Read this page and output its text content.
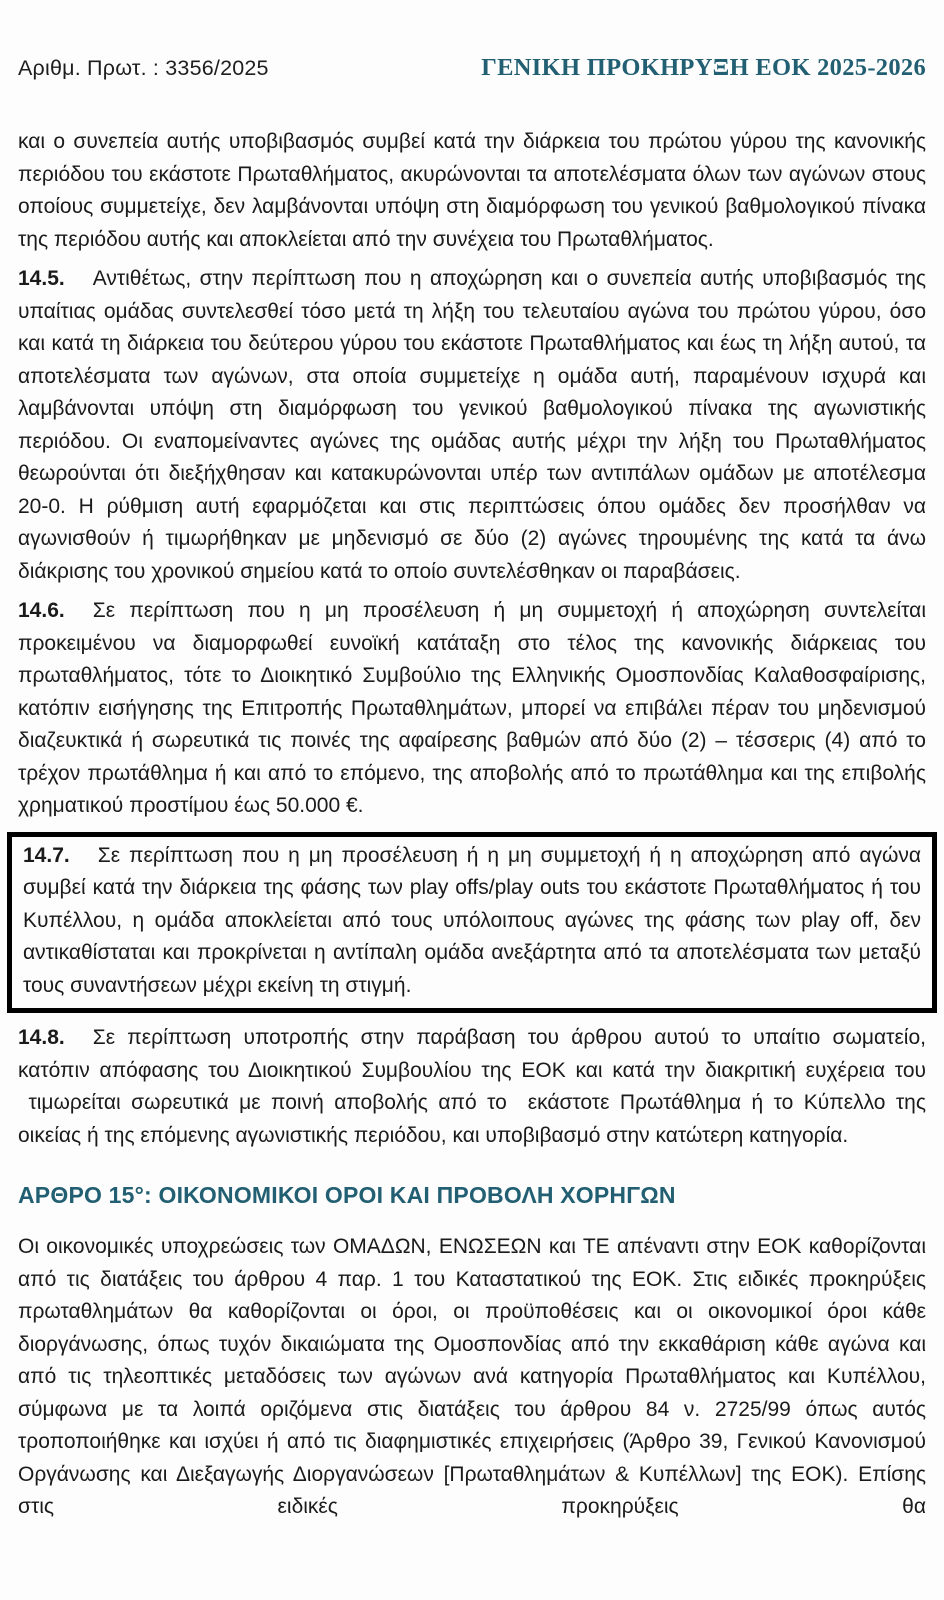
Αριθμ. Πρωτ. : 3356/2025	ΓΕΝΙΚΗ ΠΡΟΚΗΡΥΞΗ ΕΟΚ 2025-2026

και ο συνεπεία αυτής υποβιβασμός συμβεί κατά την διάρκεια του πρώτου γύρου της κανονικής περιόδου του εκάστοτε Πρωταθλήματος, ακυρώνονται τα αποτελέσματα όλων των αγώνων στους οποίους συμμετείχε, δεν λαμβάνονται υπόψη στη διαμόρφωση του γενικού βαθμολογικού πίνακα της περιόδου αυτής και αποκλείεται από την συνέχεια του Πρωταθλήματος.

14.5. Αντιθέτως, στην περίπτωση που η αποχώρηση και ο συνεπεία αυτής υποβιβασμός της υπαίτιας ομάδας συντελεσθεί τόσο μετά τη λήξη του τελευταίου αγώνα του πρώτου γύρου, όσο και κατά τη διάρκεια του δεύτερου γύρου του εκάστοτε Πρωταθλήματος και έως τη λήξη αυτού, τα αποτελέσματα των αγώνων, στα οποία συμμετείχε η ομάδα αυτή, παραμένουν ισχυρά και λαμβάνονται υπόψη στη διαμόρφωση του γενικού βαθμολογικού πίνακα της αγωνιστικής περιόδου. Οι εναπομείναντες αγώνες της ομάδας αυτής μέχρι την λήξη του Πρωταθλήματος θεωρούνται ότι διεξήχθησαν και κατακυρώνονται υπέρ των αντιπάλων ομάδων με αποτέλεσμα 20-0. Η ρύθμιση αυτή εφαρμόζεται και στις περιπτώσεις όπου ομάδες δεν προσήλθαν να αγωνισθούν ή τιμωρήθηκαν με μηδενισμό σε δύο (2) αγώνες τηρουμένης της κατά τα άνω διάκρισης του χρονικού σημείου κατά το οποίο συντελέσθηκαν οι παραβάσεις.

14.6. Σε περίπτωση που η μη προσέλευση ή μη συμμετοχή ή αποχώρηση συντελείται προκειμένου να διαμορφωθεί ευνοϊκή κατάταξη στο τέλος της κανονικής διάρκειας του πρωταθλήματος, τότε το Διοικητικό Συμβούλιο της Ελληνικής Ομοσπονδίας Καλαθοσφαίρισης, κατόπιν εισήγησης της Επιτροπής Πρωταθλημάτων, μπορεί να επιβάλει πέραν του μηδενισμού διαζευκτικά ή σωρευτικά τις ποινές της αφαίρεσης βαθμών από δύο (2) – τέσσερις (4) από το τρέχον πρωτάθλημα ή και από το επόμενο, της αποβολής από το πρωτάθλημα και της επιβολής χρηματικού προστίμου έως 50.000 €.

14.7. Σε περίπτωση που η μη προσέλευση ή η μη συμμετοχή ή η αποχώρηση από αγώνα συμβεί κατά την διάρκεια της φάσης των play offs/play outs του εκάστοτε Πρωταθλήματος ή του Κυπέλλου, η ομάδα αποκλείεται από τους υπόλοιπους αγώνες της φάσης των play off, δεν αντικαθίσταται και προκρίνεται η αντίπαλη ομάδα ανεξάρτητα από τα αποτελέσματα των μεταξύ τους συναντήσεων μέχρι εκείνη τη στιγμή.

14.8. Σε περίπτωση υποτροπής στην παράβαση του άρθρου αυτού το υπαίτιο σωματείο, κατόπιν απόφασης του Διοικητικού Συμβουλίου της ΕΟΚ και κατά την διακριτική ευχέρεια του  τιμωρείται σωρευτικά με ποινή αποβολής από το  εκάστοτε Πρωτάθλημα ή το Κύπελλο της οικείας ή της επόμενης αγωνιστικής περιόδου, και υποβιβασμό στην κατώτερη κατηγορία.

ΑΡΘΡΟ 15°: ΟΙΚΟΝΟΜΙΚΟΙ ΟΡΟΙ ΚΑΙ ΠΡΟΒΟΛΗ ΧΟΡΗΓΩΝ

Οι οικονομικές υποχρεώσεις των ΟΜΑΔΩΝ, ΕΝΩΣΕΩΝ και ΤΕ απέναντι στην ΕΟΚ καθορίζονται από τις διατάξεις του άρθρου 4 παρ. 1 του Καταστατικού της ΕΟΚ. Στις ειδικές προκηρύξεις πρωταθλημάτων θα καθορίζονται οι όροι, οι προϋποθέσεις και οι οικονομικοί όροι κάθε διοργάνωσης, όπως τυχόν δικαιώματα της Ομοσπονδίας από την εκκαθάριση κάθε αγώνα και από τις τηλεοπτικές μεταδόσεις των αγώνων ανά κατηγορία Πρωταθλήματος και Κυπέλλου, σύμφωνα με τα λοιπά οριζόμενα στις διατάξεις του άρθρου 84 ν. 2725/99 όπως αυτός τροποποιήθηκε και ισχύει ή από τις διαφημιστικές επιχειρήσεις (Άρθρο 39, Γενικού Κανονισμού Οργάνωσης και Διεξαγωγής Διοργανώσεων [Πρωταθλημάτων & Κυπέλλων] της ΕΟΚ). Επίσης στις ειδικές προκηρύξεις θα
